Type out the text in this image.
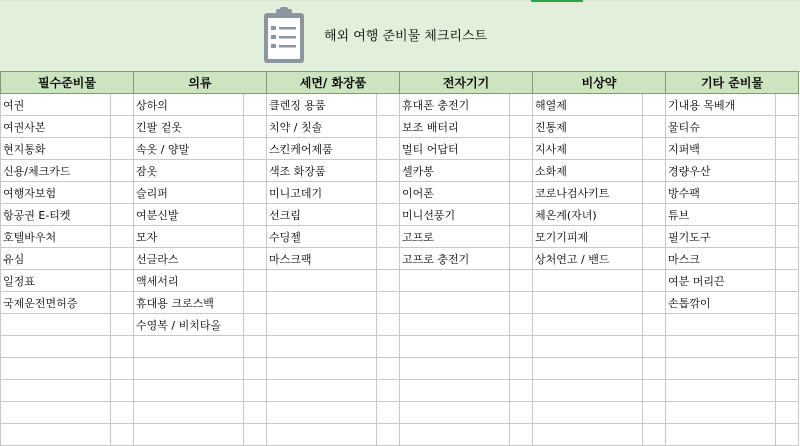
해외 여행 준비물 체크리스트
필수준비물		의류		세면/ 화장품		전자기기		비상약		기타 준비물	
여권		상하의		클렌징 용품		휴대폰 충전기		해열제		기내용 목베개	
여권사본		긴팔 겉옷		치약 / 칫솔		보조 배터리		진통제		물티슈	
현지통화		속옷 / 양말		스킨케어제품		멀티 어답터		지사제		지퍼백	
신용/체크카드		잠옷		색조 화장품		셀카봉		소화제		경량우산	
여행자보험		슬리퍼		미니고데기		이어폰		코로나검사키트		방수팩	
항공권 E-티켓		여분신발		선크림		미니선풍기		체온계(자녀)		튜브	
호텔바우처		모자		수딩젤		고프로		모기기피제		필기도구	
유심		선글라스		마스크팩		고프로 충전기		상처연고 / 밴드		마스크	
일정표		액세서리								여분 머리끈	
국제운전면허증		휴대용 크로스백								손톱깎이	
		수영복 / 비치타올									
